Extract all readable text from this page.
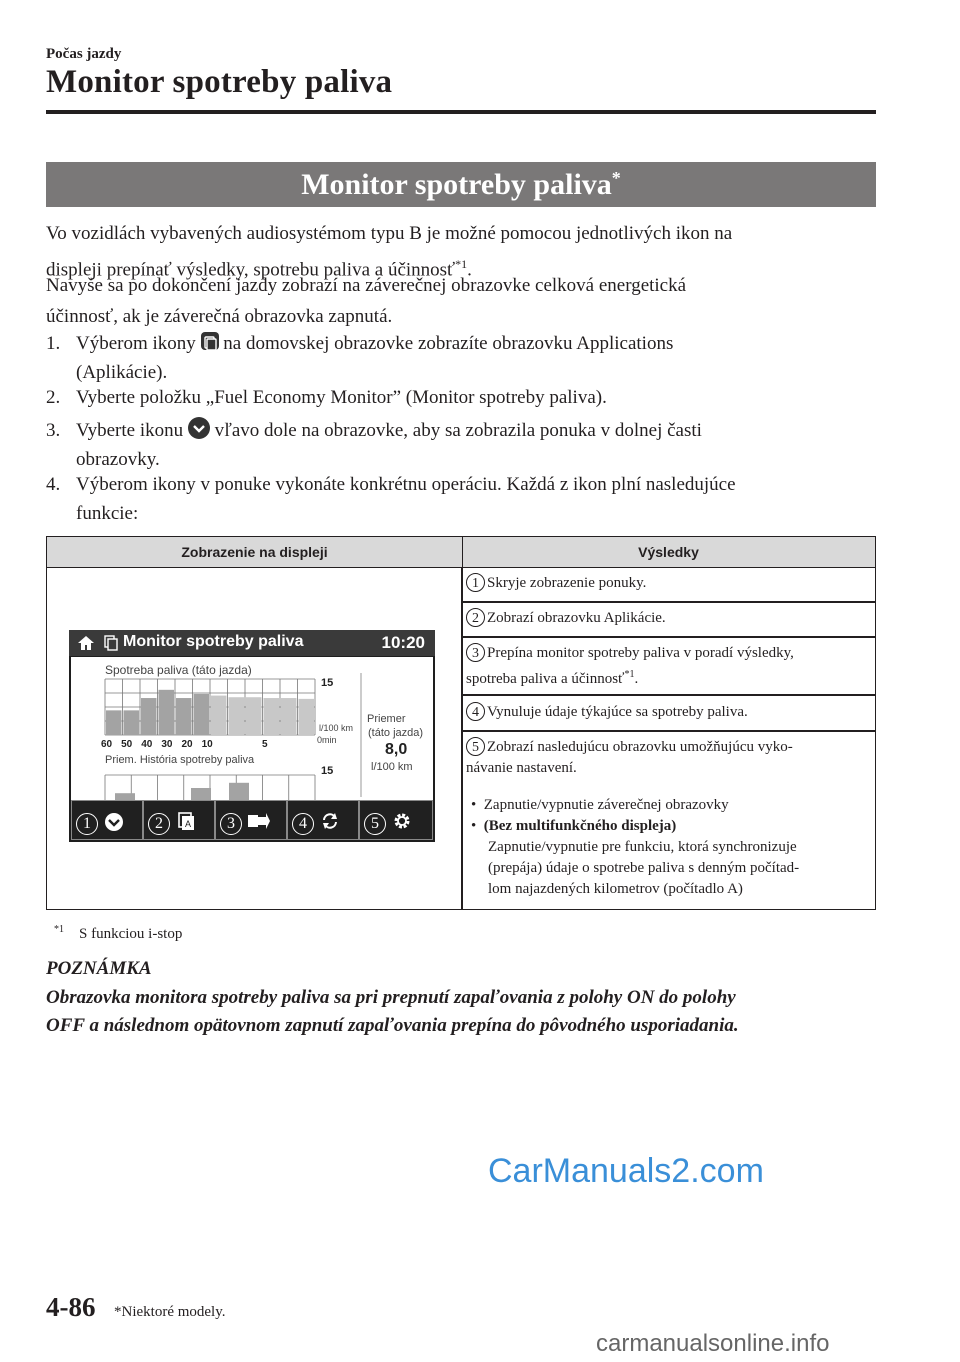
Počas jazdy
Monitor spotreby paliva
Monitor spotreby paliva*
Vo vozidlách vybavených audiosystémom typu B je možné pomocou jednotlivých ikon na
displeji prepínať výsledky, spotrebu paliva a účinnosť$^{*1}$.
Navyše sa po dokončení jazdy zobrazí na záverečnej obrazovke celková energetická
účinnosť, ak je záverečná obrazovka zapnutá.
1. Výberom ikony na domovskej obrazovke zobrazíte obrazovku Applications
(Aplikácie).
2. Vyberte položku „Fuel Economy Monitor” (Monitor spotreby paliva).
3. Vyberte ikonu vľavo dole na obrazovke, aby sa zobrazila ponuka v dolnej časti
obrazovky.
4. Výberom ikony v ponuke vykonáte konkrétnu operáciu. Každá z ikon plní nasledujúce
funkcie:
Zobrazenie na displeji	Výsledky
1 Skryje zobrazenie ponuky.
2 Zobrazí obrazovku Aplikácie.
3 Prepína monitor spotreby paliva v poradí výsledky,
spotreba paliva a účinnosť$^{*1}$.
4 Vynuluje údaje týkajúce sa spotreby paliva.
5 Zobrazí nasledujúcu obrazovku umožňujúcu vyko-
návanie nastavení.
• Zapnutie/vypnutie záverečnej obrazovky
• (Bez multifunkčného displeja)
Zapnutie/vypnutie pre funkciu, ktorá synchronizuje
(prepája) údaje o spotrebe paliva s denným počítad-
lom najazdených kilometrov (počítadlo A)
Monitor spotreby paliva	10:20
Spotreba paliva (táto jazda)
60 50 40 30 20 10	5
15
l/100 km
0min
Priemer
(táto jazda)
8,0
l/100 km
Priem. História spotreby paliva
15
1	2	A	3	4	5
$^{*1}$ S funkciou i-stop
POZNÁMKA
Obrazovka monitora spotreby paliva sa pri prepnutí zapaľovania z polohy ON do polohy
OFF a následnom opätovnom zapnutí zapaľovania prepína do pôvodného usporiadania.
CarManuals2.com
4-86 *Niektoré modely.
carmanualsonline.info
